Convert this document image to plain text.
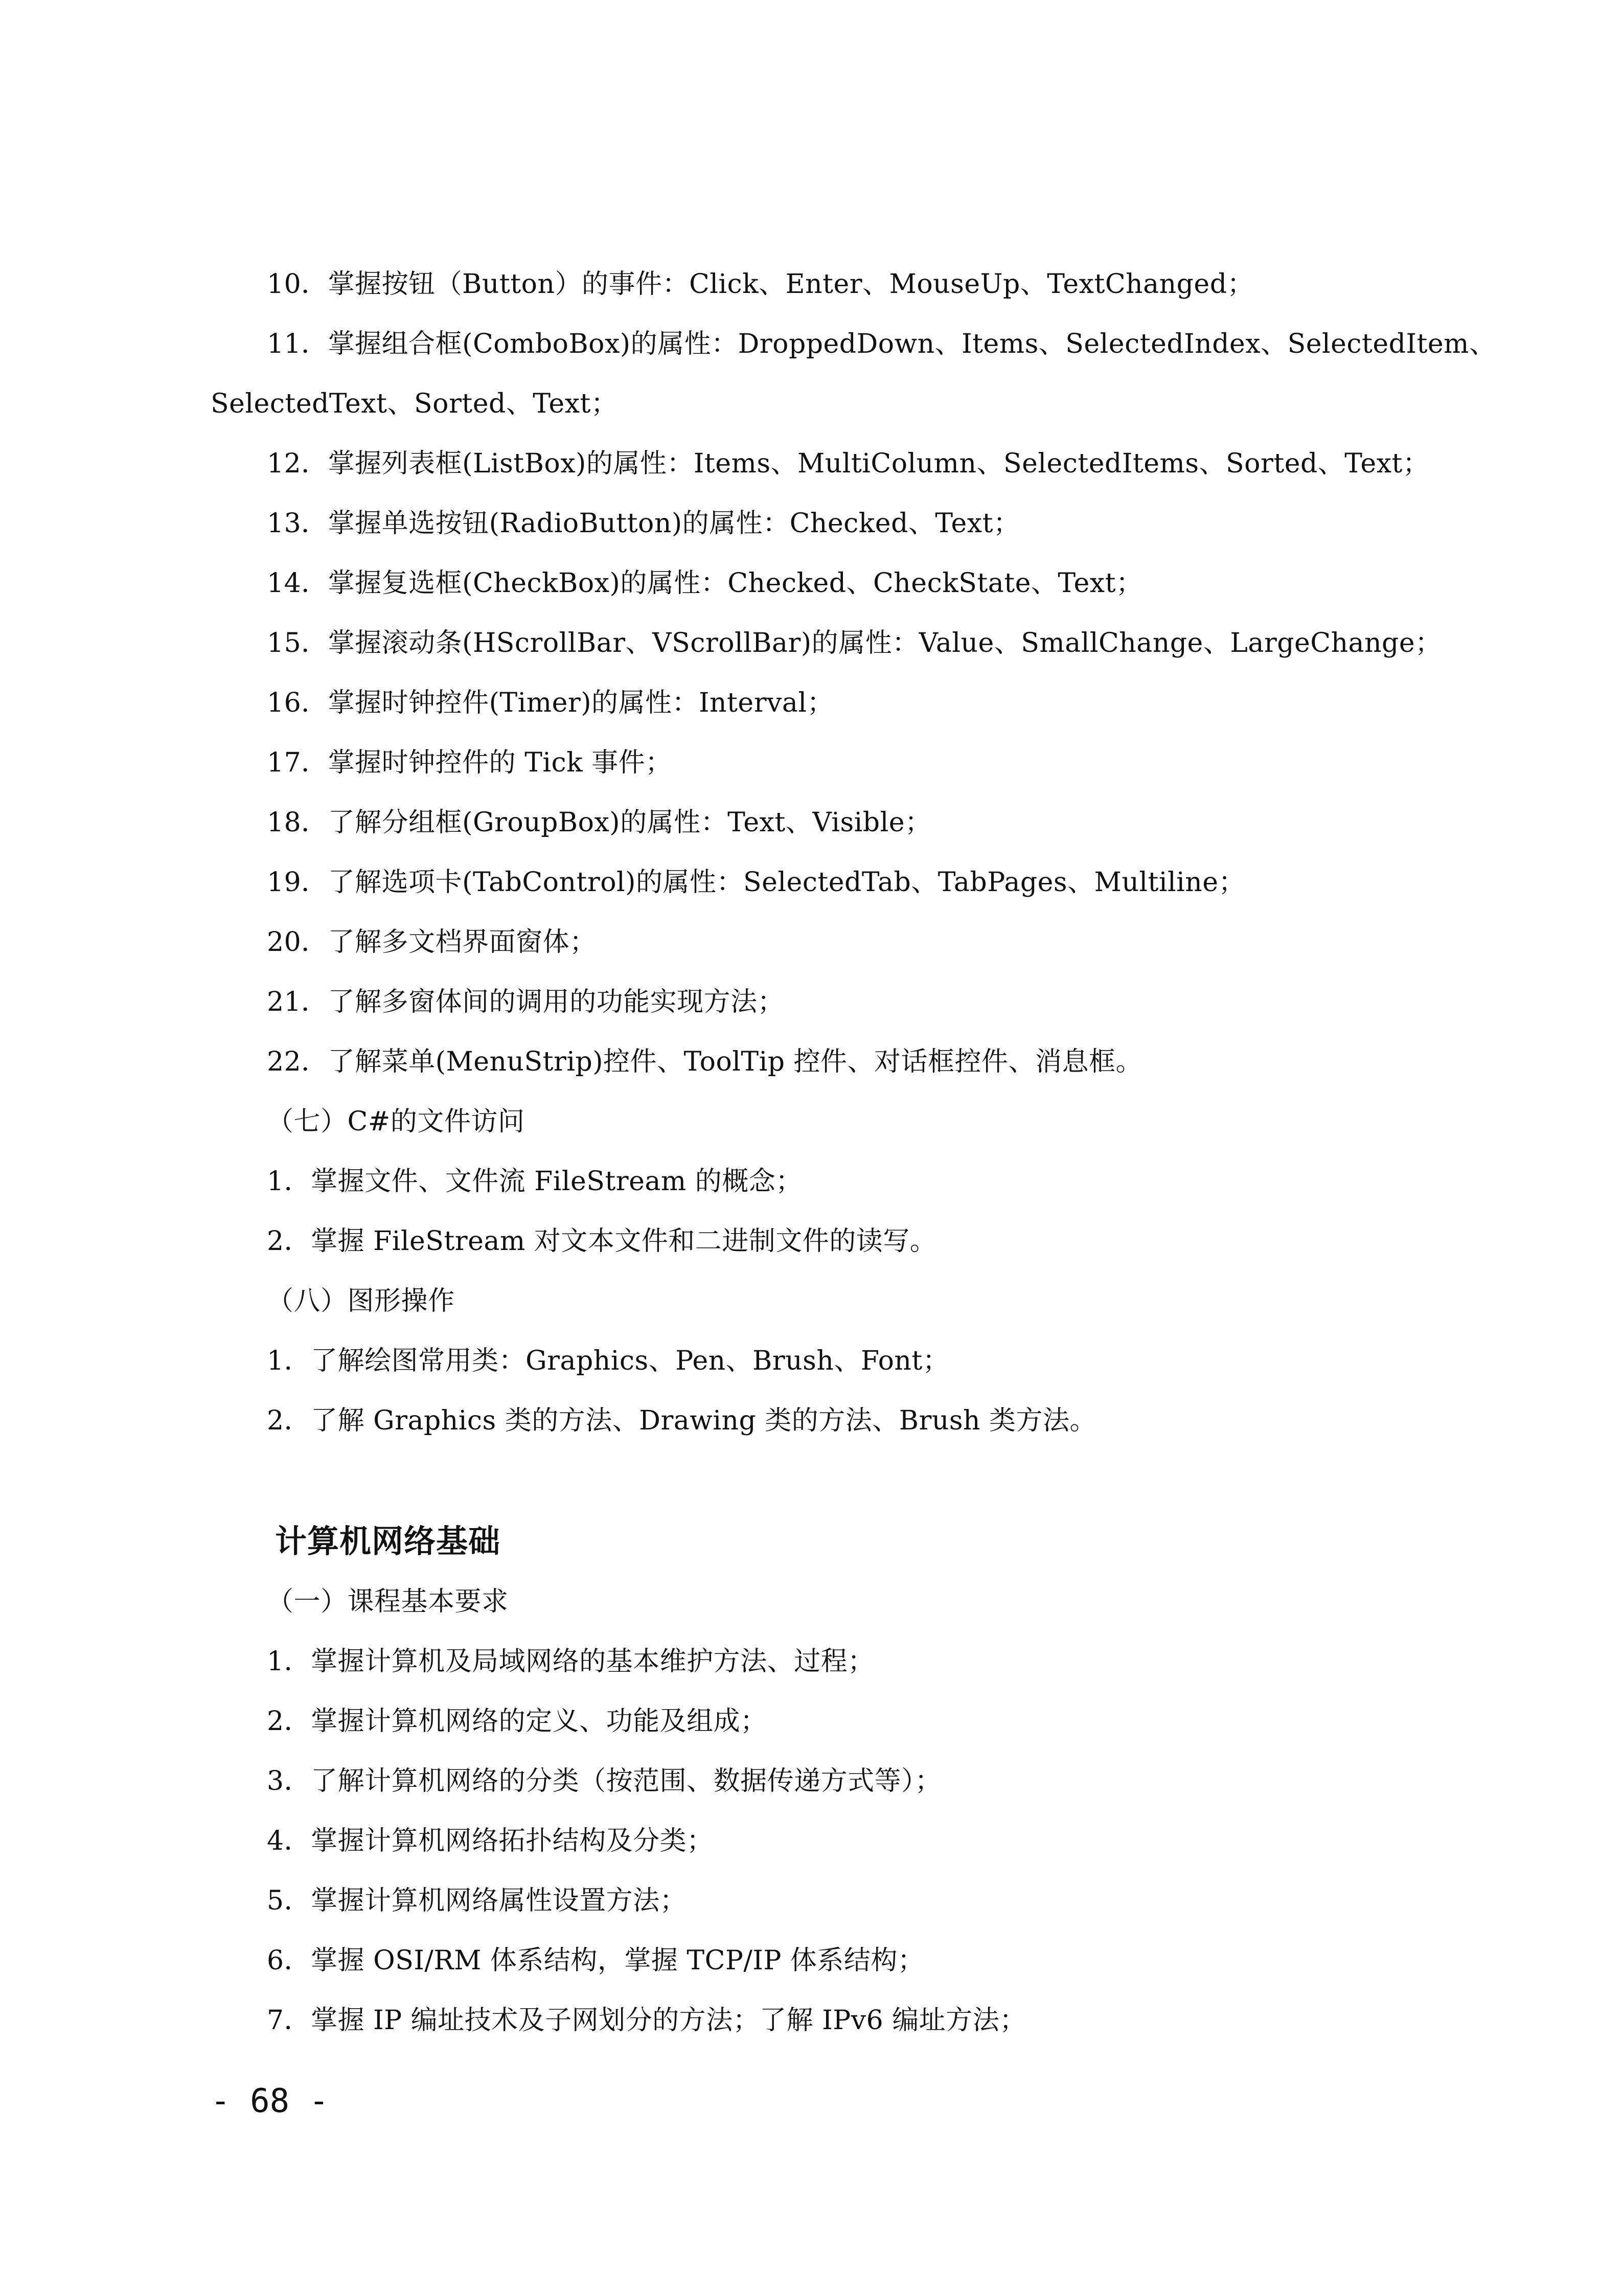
10．掌握按钮（Button）的事件：Click、Enter、MouseUp、TextChanged；
11．掌握组合框(ComboBox)的属性：DroppedDown、Items、SelectedIndex、SelectedItem、
SelectedText、Sorted、Text；
12．掌握列表框(ListBox)的属性：Items、MultiColumn、SelectedItems、Sorted、Text；
13．掌握单选按钮(RadioButton)的属性：Checked、Text；
14．掌握复选框(CheckBox)的属性：Checked、CheckState、Text；
15．掌握滚动条(HScrollBar、VScrollBar)的属性：Value、SmallChange、LargeChange；
16．掌握时钟控件(Timer)的属性：Interval；
17．掌握时钟控件的 Tick 事件；
18．了解分组框(GroupBox)的属性：Text、Visible；
19．了解选项卡(TabControl)的属性：SelectedTab、TabPages、Multiline；
20．了解多文档界面窗体；
21．了解多窗体间的调用的功能实现方法；
22．了解菜单(MenuStrip)控件、ToolTip 控件、对话框控件、消息框。
（七）C#的文件访问
1．掌握文件、文件流 FileStream 的概念；
2．掌握 FileStream 对文本文件和二进制文件的读写。
（八）图形操作
1．了解绘图常用类：Graphics、Pen、Brush、Font；
2．了解 Graphics 类的方法、Drawing 类的方法、Brush 类方法。
计算机网络基础
（一）课程基本要求
1．掌握计算机及局域网络的基本维护方法、过程；
2．掌握计算机网络的定义、功能及组成；
3．了解计算机网络的分类（按范围、数据传递方式等）；
4．掌握计算机网络拓扑结构及分类；
5．掌握计算机网络属性设置方法；
6．掌握 OSI/RM 体系结构，掌握 TCP/IP 体系结构；
7．掌握 IP 编址技术及子网划分的方法；了解 IPv6 编址方法；
- 68 -
